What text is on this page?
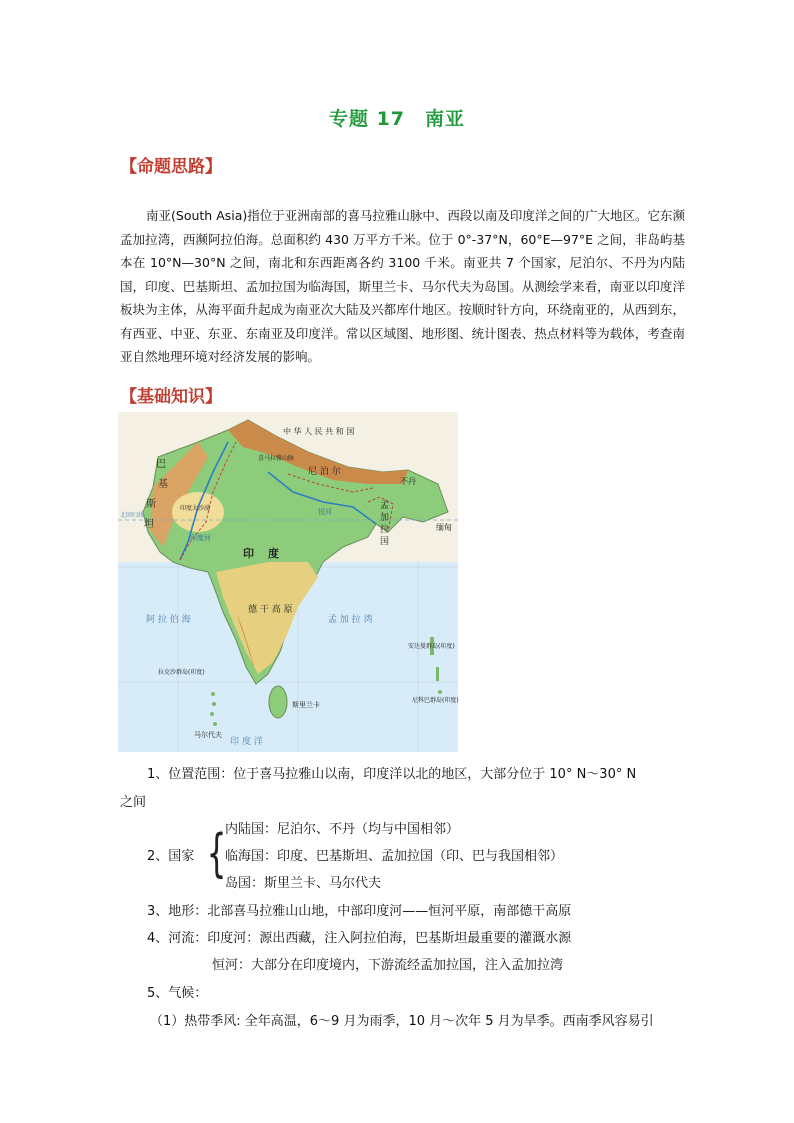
专题 17　南亚
【命题思路】
南亚(South Asia)指位于亚洲南部的喜马拉雅山脉中、西段以南及印度洋之间的广大地区。它东濒孟加拉湾，西濒阿拉伯海。总面积约 430 万平方千米。位于 0°-37°N，60°E—97°E 之间，非岛屿基本在 10°N—30°N 之间，南北和东西距离各约 3100 千米。南亚共 7 个国家，尼泊尔、不丹为内陆国，印度、巴基斯坦、孟加拉国为临海国，斯里兰卡、马尔代夫为岛国。从测绘学来看，南亚以印度洋板块为主体，从海平面升起成为南亚次大陆及兴都库什地区。按顺时针方向，环绕南亚的，从西到东，有西亚、中亚、东亚、东南亚及印度洋。常以区域图、地形图、统计图表、热点材料等为载体，考查南亚自然地理环境对经济发展的影响。
【基础知识】
阿 拉 伯 海	孟 加 拉 湾
印 度 洋
巴
基
斯
坦
印 度
尼 泊 尔
不丹
孟
加
拉
国
中 华 人 民 共 和 国
斯里兰卡
马尔代夫
德 干 高 原
印度河
恒河
印度大沙漠
喜马拉雅山脉
缅甸
北回归线
拉克沙群岛(印度)
安达曼群岛(印度)
尼科巴群岛(印度)
1、位置范围：位于喜马拉雅山以南，印度洋以北的地区，大部分位于 10° N～30° N
之间
2、国家 {
内陆国：尼泊尔、不丹（均与中国相邻）
临海国：印度、巴基斯坦、孟加拉国（印、巴与我国相邻）
岛国：斯里兰卡、马尔代夫
3、地形：北部喜马拉雅山山地，中部印度河——恒河平原，南部德干高原
4、河流：印度河：源出西藏，注入阿拉伯海，巴基斯坦最重要的灌溉水源
恒河：大部分在印度境内，下游流经孟加拉国，注入孟加拉湾
5、气候：
（1）热带季风: 全年高温，6～9 月为雨季，10 月～次年 5 月为旱季。西南季风容易引
